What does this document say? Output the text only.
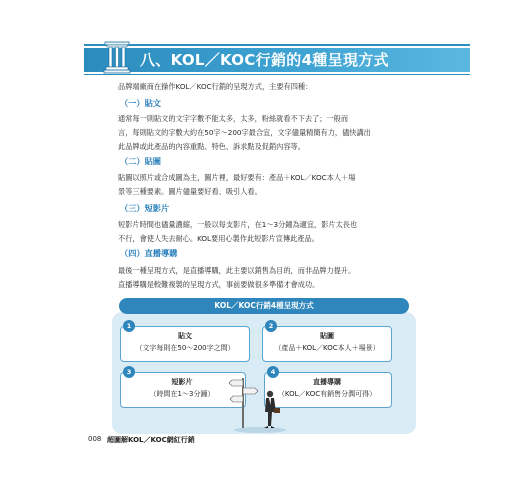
八、KOL／KOC行銷的4種呈現方式
品牌端廠商在操作KOL／KOC行銷的呈現方式，主要有四種：
（一）貼文
通常每一則貼文的文字字數不能太多，太多，粉絲就看不下去了；一般而
言，每則貼文的字數大約在50字～200字最合宜，文字儘量精簡有力，儘快講出
此品牌或此產品的內容重點、特色、訴求點及促銷內容等。
（二）貼圖
貼圖以照片或合成圖為主，圖片裡，最好要有：產品＋KOL／KOC本人＋場
景等三種要素。圖片儘量要好看、吸引人看。
（三）短影片
短影片時間也儘量濃縮，一般以每支影片，在1～3分鐘為適宜，影片太長也
不行，會使人失去耐心。KOL要用心製作此短影片宣傳此產品。
（四）直播導購
最後一種呈現方式，是直播導購，此主要以銷售為目的，而非品牌力提升。
直播導購是較難複製的呈現方式，事前要做很多準備才會成功。
KOL／KOC行銷4種呈現方式
1
貼文
（文字每則在50～200字之間）
2
貼圖
（產品＋KOL／KOC本人＋場景）
3
短影片
（時間在1～3分鐘）
4
直播導購
（KOL／KOC有銷售分潤可得）
008 超圖解KOL／KOC網紅行銷
